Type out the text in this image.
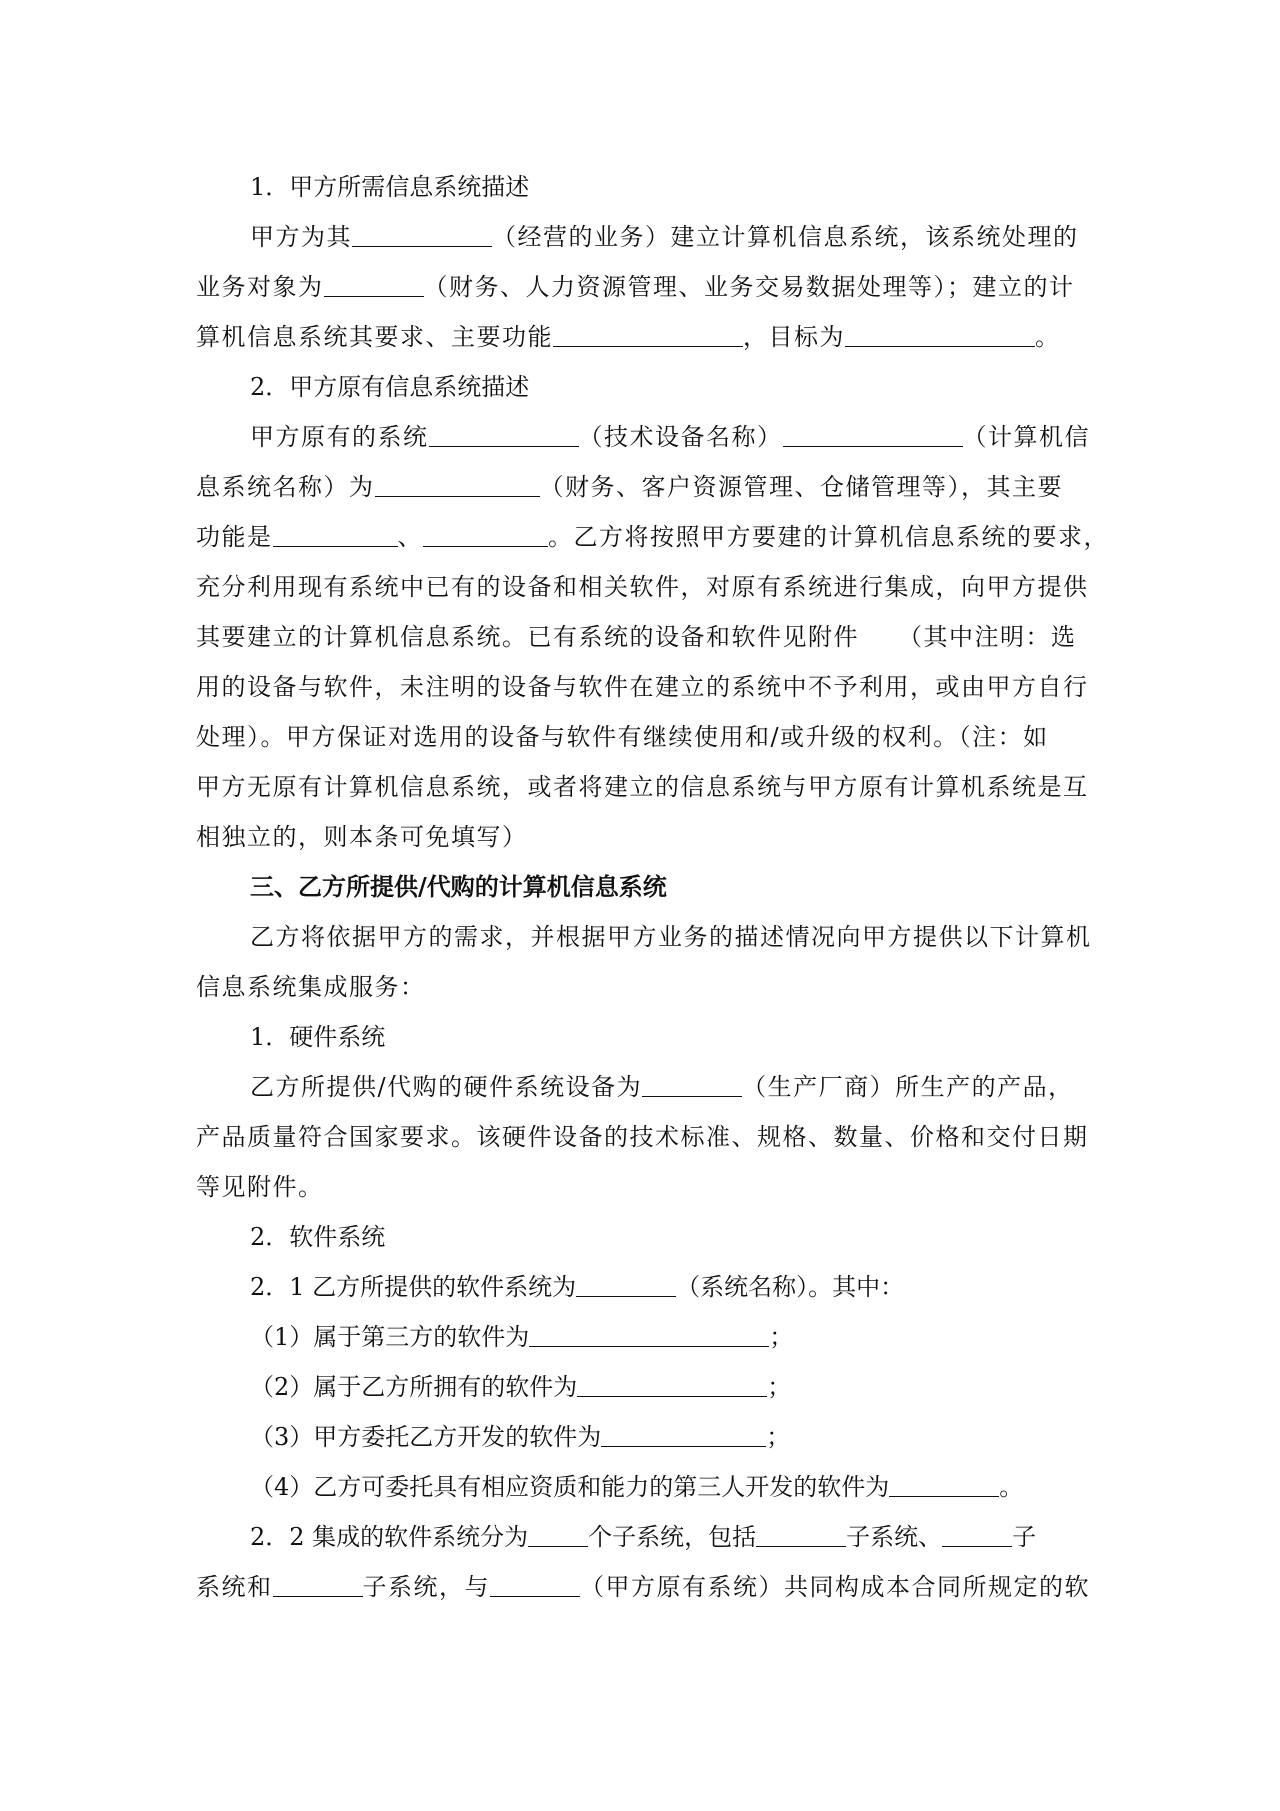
1．甲方所需信息系统描述
甲方为其	（经营的业务）建立计算机信息系统，该系统处理的
业务对象为	（财务、人力资源管理、业务交易数据处理等）；建立的计
算机信息系统其要求、主要功能	，目标为	。
2．甲方原有信息系统描述
甲方原有的系统	（技术设备名称）	（计算机信
息系统名称）为	（财务、客户资源管理、仓储管理等），其主要
功能是	、	。乙方将按照甲方要建的计算机信息系统的要求，
充分利用现有系统中已有的设备和相关软件，对原有系统进行集成，向甲方提供
其要建立的计算机信息系统。已有系统的设备和软件见附件　　（其中注明：选
用的设备与软件，未注明的设备与软件在建立的系统中不予利用，或由甲方自行
处理）。甲方保证对选用的设备与软件有继续使用和/或升级的权利。（注：如
甲方无原有计算机信息系统，或者将建立的信息系统与甲方原有计算机系统是互
相独立的，则本条可免填写）
三、乙方所提供/代购的计算机信息系统
乙方将依据甲方的需求，并根据甲方业务的描述情况向甲方提供以下计算机
信息系统集成服务：
1．硬件系统
乙方所提供/代购的硬件系统设备为	（生产厂商）所生产的产品，
产品质量符合国家要求。该硬件设备的技术标准、规格、数量、价格和交付日期
等见附件。
2．软件系统
2．1 乙方所提供的软件系统为	（系统名称）。其中：
（1）属于第三方的软件为	；
（2）属于乙方所拥有的软件为	；
（3）甲方委托乙方开发的软件为	；
（4）乙方可委托具有相应资质和能力的第三人开发的软件为	。
2．2 集成的软件系统分为	个子系统，包括	子系统、	子
系统和	子系统，与	（甲方原有系统）共同构成本合同所规定的软
